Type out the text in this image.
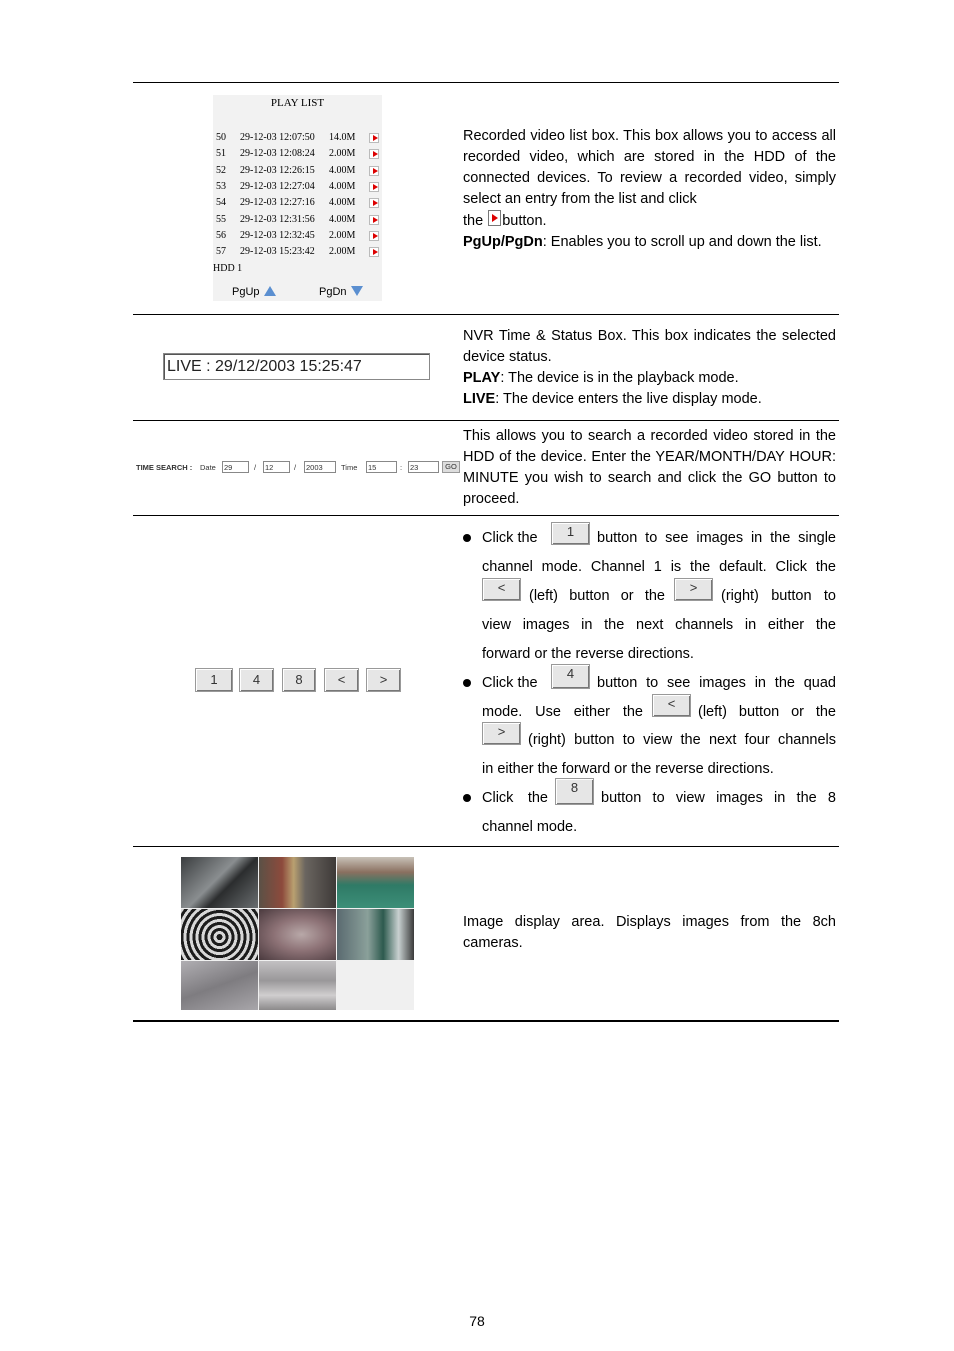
PLAY LIST
50 29-12-03 12:07:50 14.0M
51 29-12-03 12:08:24 2.00M
52 29-12-03 12:26:15 4.00M
53 29-12-03 12:27:04 4.00M
54 29-12-03 12:27:16 4.00M
55 29-12-03 12:31:56 4.00M
56 29-12-03 12:32:45 2.00M
57 29-12-03 15:23:42 2.00M
HDD 1
PgUp	PgDn

Recorded video list box. This box allows you to access all recorded video, which are stored in the HDD of the connected devices. To review a recorded video, simply select an entry from the list and click

the button.

PgUp/PgDn: Enables you to scroll up and down the list.

LIVE : 29/12/2003 15:25:47

NVR Time & Status Box. This box indicates the selected device status.

PLAY: The device is in the playback mode.

LIVE: The device enters the live display mode.

TIME SEARCH : Date 29	/ 12	/ 2003	Time 15	: 23	GO

This allows you to search a recorded video stored in the HDD of the device. Enter the YEAR/MONTH/DAY HOUR: MINUTE you wish to search and click the GO button to proceed.

1	4	8	<	>
Click the	1	button to see images in the single
channel mode. Channel 1 is the default. Click the
<
(left) button or the
>
(right) button to
view images in the next channels in either the
forward or the reverse directions.
Click the
4
button to see images in the quad
mode. Use either the
<
(left) button or the
>
(right) button to view the next four channels
in either the forward or the reverse directions.
Click the
8
button to view images in the 8
channel mode.

Image display area. Displays images from the 8ch cameras.

78
